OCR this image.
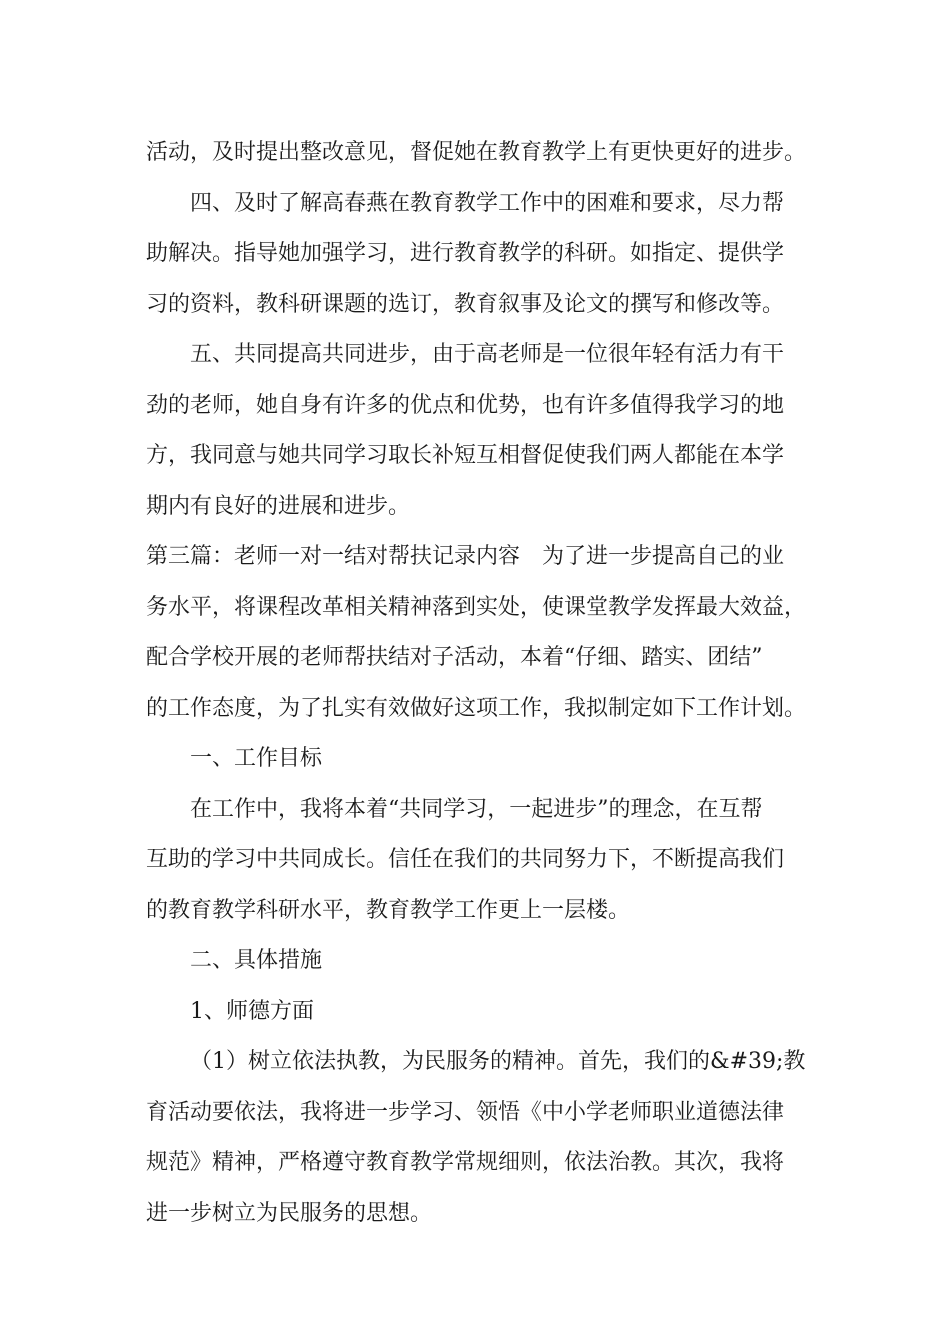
活动，及时提出整改意见，督促她在教育教学上有更快更好的进步。
四、及时了解高春燕在教育教学工作中的困难和要求，尽力帮
助解决。指导她加强学习，进行教育教学的科研。如指定、提供学
习的资料，教科研课题的选订，教育叙事及论文的撰写和修改等。
五、共同提高共同进步，由于高老师是一位很年轻有活力有干
劲的老师，她自身有许多的优点和优势，也有许多值得我学习的地
方，我同意与她共同学习取长补短互相督促使我们两人都能在本学
期内有良好的进展和进步。
第三篇：老师一对一结对帮扶记录内容　为了进一步提高自己的业
务水平，将课程改革相关精神落到实处，使课堂教学发挥最大效益，
配合学校开展的老师帮扶结对子活动，本着“仔细、踏实、团结”
的工作态度，为了扎实有效做好这项工作，我拟制定如下工作计划。
一、工作目标
在工作中，我将本着“共同学习，一起进步”的理念，在互帮
互助的学习中共同成长。信任在我们的共同努力下，不断提高我们
的教育教学科研水平，教育教学工作更上一层楼。
二、具体措施
1、师德方面
（1）树立依法执教，为民服务的精神。首先，我们的&#39;教
育活动要依法，我将进一步学习、领悟《中小学老师职业道德法律
规范》精神，严格遵守教育教学常规细则，依法治教。其次，我将
进一步树立为民服务的思想。
